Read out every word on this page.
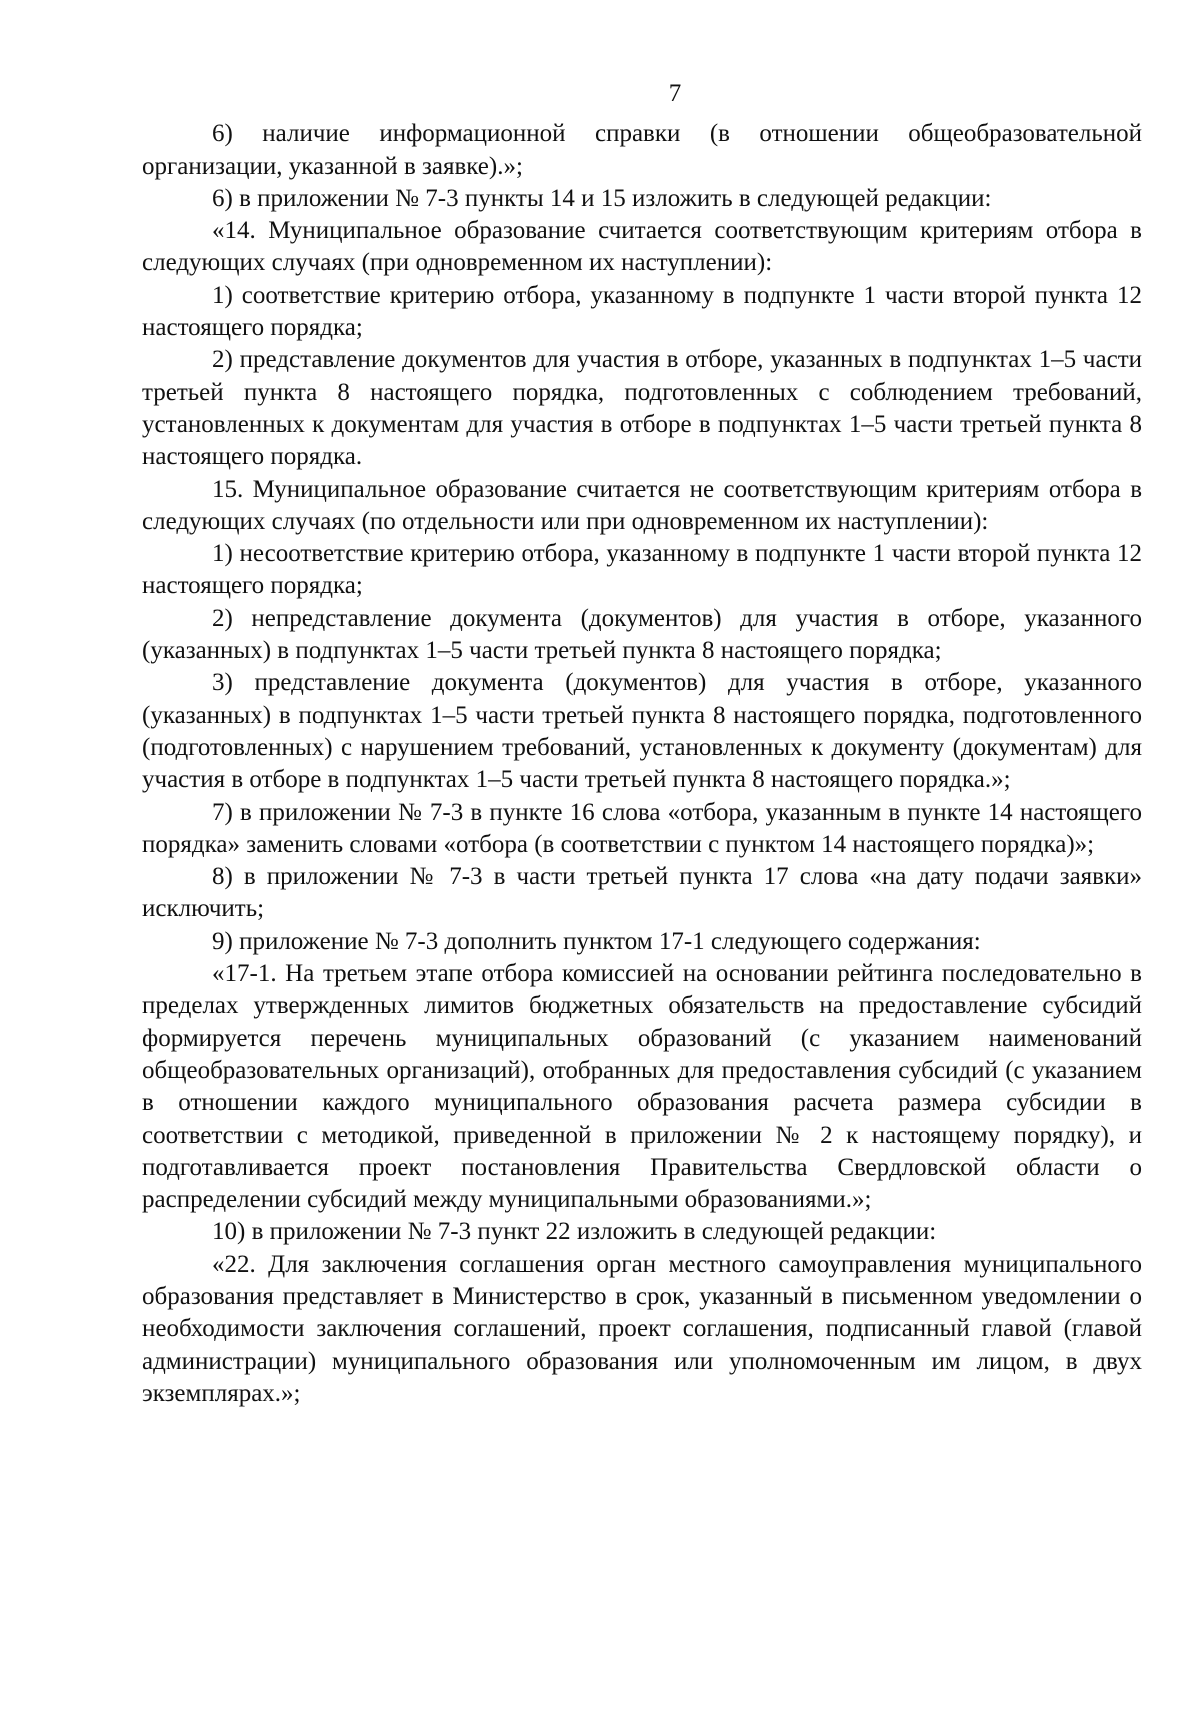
7

6) наличие информационной справки (в отношении общеобразовательной организации, указанной в заявке).»;

6) в приложении № 7-3 пункты 14 и 15 изложить в следующей редакции:

«14. Муниципальное образование считается соответствующим критериям отбора в следующих случаях (при одновременном их наступлении):

1) соответствие критерию отбора, указанному в подпункте 1 части второй пункта 12 настоящего порядка;

2) представление документов для участия в отборе, указанных в подпунктах 1–5 части третьей пункта 8 настоящего порядка, подготовленных с соблюдением требований, установленных к документам для участия в отборе в подпунктах 1–5 части третьей пункта 8 настоящего порядка.

15. Муниципальное образование считается не соответствующим критериям отбора в следующих случаях (по отдельности или при одновременном их наступлении):

1) несоответствие критерию отбора, указанному в подпункте 1 части второй пункта 12 настоящего порядка;

2) непредставление документа (документов) для участия в отборе, указанного (указанных) в подпунктах 1–5 части третьей пункта 8 настоящего порядка;

3) представление документа (документов) для участия в отборе, указанного (указанных) в подпунктах 1–5 части третьей пункта 8 настоящего порядка, подготовленного (подготовленных) с нарушением требований, установленных к документу (документам) для участия в отборе в подпунктах 1–5 части третьей пункта 8 настоящего порядка.»;

7) в приложении № 7-3 в пункте 16 слова «отбора, указанным в пункте 14 настоящего порядка» заменить словами «отбора (в соответствии с пунктом 14 настоящего порядка)»;

8) в приложении № 7-3 в части третьей пункта 17 слова «на дату подачи заявки» исключить;

9) приложение № 7-3 дополнить пунктом 17-1 следующего содержания:

«17-1. На третьем этапе отбора комиссией на основании рейтинга последовательно в пределах утвержденных лимитов бюджетных обязательств на предоставление субсидий формируется перечень муниципальных образований (с указанием наименований общеобразовательных организаций), отобранных для предоставления субсидий (с указанием в отношении каждого муниципального образования расчета размера субсидии в соответствии с методикой, приведенной в приложении № 2 к настоящему порядку), и подготавливается проект постановления Правительства Свердловской области о распределении субсидий между муниципальными образованиями.»;

10) в приложении № 7-3 пункт 22 изложить в следующей редакции:

«22. Для заключения соглашения орган местного самоуправления муниципального образования представляет в Министерство в срок, указанный в письменном уведомлении о необходимости заключения соглашений, проект соглашения, подписанный главой (главой администрации) муниципального образования или уполномоченным им лицом, в двух экземплярах.»;
